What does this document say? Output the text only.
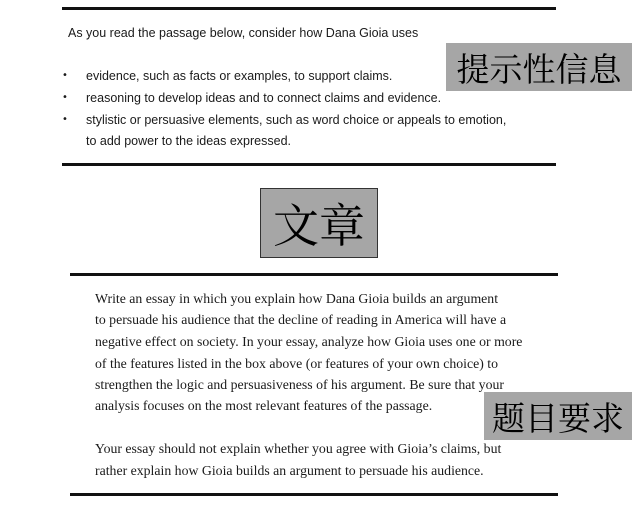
As you read the passage below, consider how Dana Gioia uses
• evidence, such as facts or examples, to support claims.
• reasoning to develop ideas and to connect claims and evidence.
• stylistic or persuasive elements, such as word choice or appeals to emotion,
to add power to the ideas expressed.
提示性信息
文章
题目要求
Write an essay in which you explain how Dana Gioia builds an argument
to persuade his audience that the decline of reading in America will have a
negative effect on society. In your essay, analyze how Gioia uses one or more
of the features listed in the box above (or features of your own choice) to
strengthen the logic and persuasiveness of his argument. Be sure that your
analysis focuses on the most relevant features of the passage.
Your essay should not explain whether you agree with Gioia’s claims, but
rather explain how Gioia builds an argument to persuade his audience.
